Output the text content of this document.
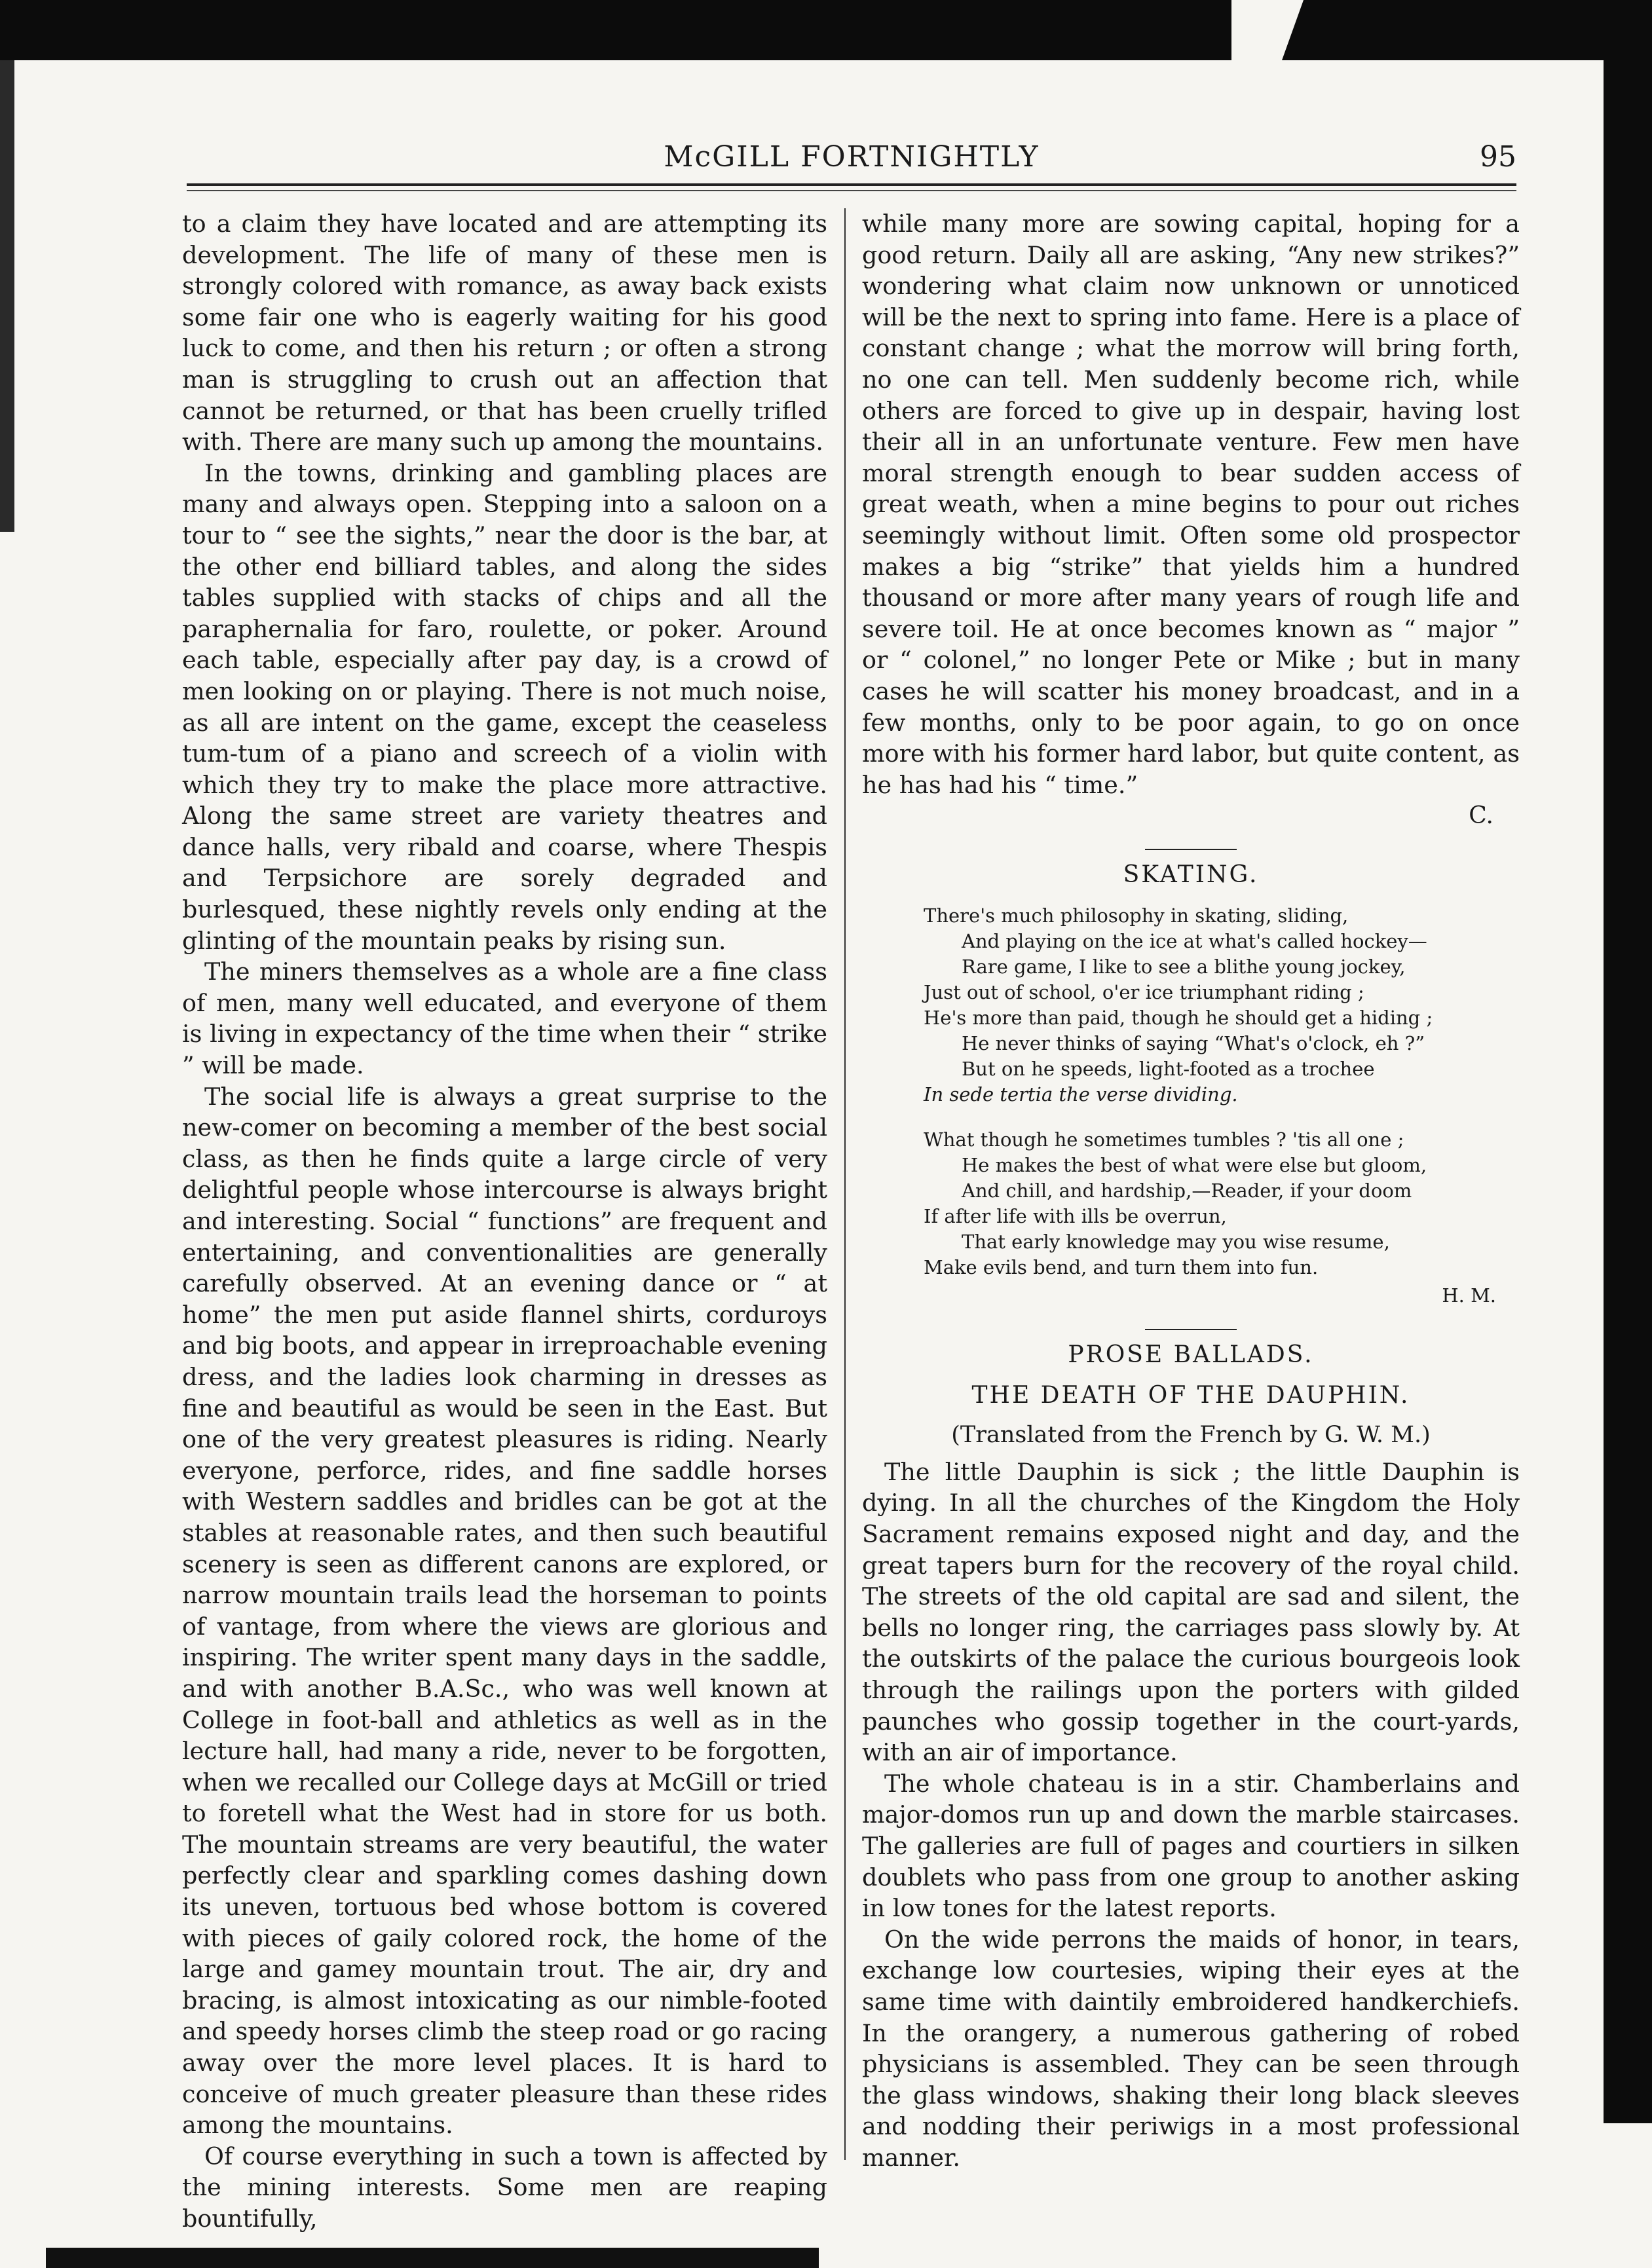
McGILL FORTNIGHTLY	95

to a claim they have located and are attempting its development. The life of many of these men is strongly colored with romance, as away back exists some fair one who is eagerly waiting for his good luck to come, and then his return ; or often a strong man is struggling to crush out an affection that cannot be returned, or that has been cruelly trifled with. There are many such up among the mountains.

In the towns, drinking and gambling places are many and always open. Stepping into a saloon on a tour to “ see the sights,” near the door is the bar, at the other end billiard tables, and along the sides tables supplied with stacks of chips and all the paraphernalia for faro, roulette, or poker. Around each table, especially after pay day, is a crowd of men looking on or playing. There is not much noise, as all are intent on the game, except the ceaseless tum-tum of a piano and screech of a violin with which they try to make the place more attractive. Along the same street are variety theatres and dance halls, very ribald and coarse, where Thespis and Terpsichore are sorely degraded and burlesqued, these nightly revels only ending at the glinting of the mountain peaks by rising sun.

The miners themselves as a whole are a fine class of men, many well educated, and everyone of them is living in expectancy of the time when their “ strike ” will be made.

The social life is always a great surprise to the new-comer on becoming a member of the best social class, as then he finds quite a large circle of very delightful people whose intercourse is always bright and interesting. Social “ functions” are frequent and entertaining, and conventionalities are generally carefully observed. At an evening dance or “ at home” the men put aside flannel shirts, corduroys and big boots, and appear in irreproachable evening dress, and the ladies look charming in dresses as fine and beautiful as would be seen in the East. But one of the very greatest pleasures is riding. Nearly everyone, perforce, rides, and fine saddle horses with Western saddles and bridles can be got at the stables at reasonable rates, and then such beautiful scenery is seen as different canons are explored, or narrow mountain trails lead the horseman to points of vantage, from where the views are glorious and inspiring. The writer spent many days in the saddle, and with another B.A.Sc., who was well known at College in foot-ball and athletics as well as in the lecture hall, had many a ride, never to be forgotten, when we recalled our College days at McGill or tried to foretell what the West had in store for us both. The mountain streams are very beautiful, the water perfectly clear and sparkling comes dashing down its uneven, tortuous bed whose bottom is covered with pieces of gaily colored rock, the home of the large and gamey mountain trout. The air, dry and bracing, is almost intoxicating as our nimble-footed and speedy horses climb the steep road or go racing away over the more level places. It is hard to conceive of much greater pleasure than these rides among the mountains.

Of course everything in such a town is affected by the mining interests. Some men are reaping bountifully,

while many more are sowing capital, hoping for a good return. Daily all are asking, “Any new strikes?” wondering what claim now unknown or unnoticed will be the next to spring into fame. Here is a place of constant change ; what the morrow will bring forth, no one can tell. Men suddenly become rich, while others are forced to give up in despair, having lost their all in an unfortunate venture. Few men have moral strength enough to bear sudden access of great weath, when a mine begins to pour out riches seemingly without limit. Often some old prospector makes a big “strike” that yields him a hundred thousand or more after many years of rough life and severe toil. He at once becomes known as “ major ” or “ colonel,” no longer Pete or Mike ; but in many cases he will scatter his money broadcast, and in a few months, only to be poor again, to go on once more with his former hard labor, but quite content, as he has had his “ time.”

C.
SKATING.
There's much philosophy in skating, sliding,
And playing on the ice at what's called hockey—
Rare game, I like to see a blithe young jockey,
Just out of school, o'er ice triumphant riding ;
He's more than paid, though he should get a hiding ;
He never thinks of saying “What's o'clock, eh ?”
But on he speeds, light-footed as a trochee
In sede tertia the verse dividing.
What though he sometimes tumbles ? 'tis all one ;
He makes the best of what were else but gloom,
And chill, and hardship,—Reader, if your doom
If after life with ills be overrun,
That early knowledge may you wise resume,
Make evils bend, and turn them into fun.
H. M.
PROSE BALLADS.
THE DEATH OF THE DAUPHIN.
(Translated from the French by G. W. M.)

The little Dauphin is sick ; the little Dauphin is dying. In all the churches of the Kingdom the Holy Sacrament remains exposed night and day, and the great tapers burn for the recovery of the royal child. The streets of the old capital are sad and silent, the bells no longer ring, the carriages pass slowly by. At the outskirts of the palace the curious bourgeois look through the railings upon the porters with gilded paunches who gossip together in the court-yards, with an air of importance.

The whole chateau is in a stir. Chamberlains and major-domos run up and down the marble staircases. The galleries are full of pages and courtiers in silken doublets who pass from one group to another asking in low tones for the latest reports.

On the wide perrons the maids of honor, in tears, exchange low courtesies, wiping their eyes at the same time with daintily embroidered handkerchiefs. In the orangery, a numerous gathering of robed physicians is assembled. They can be seen through the glass windows, shaking their long black sleeves and nodding their periwigs in a most professional manner.
